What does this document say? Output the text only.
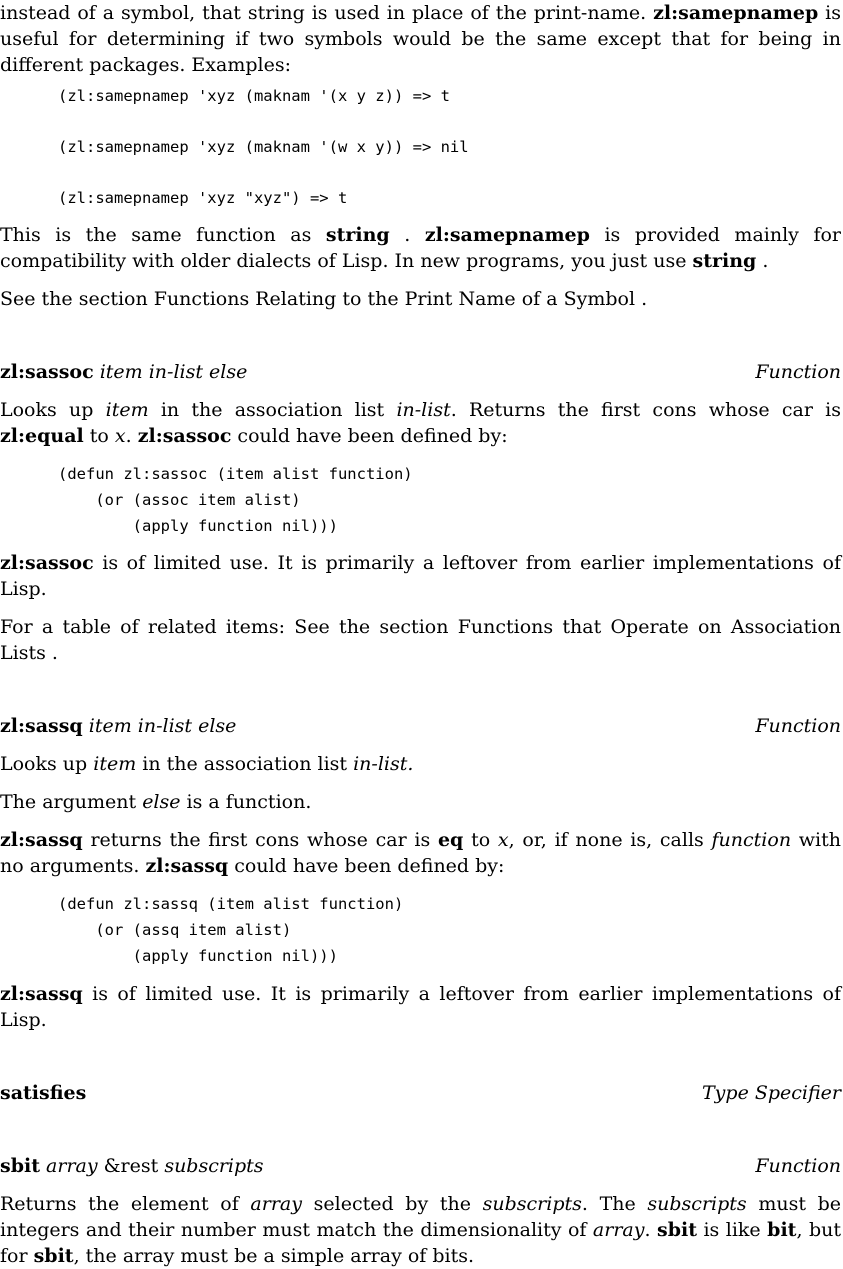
instead of a symbol, that string is used in place of the print-name. zl:samepnamep is useful for determining if two symbols would be the same except that for being in different packages. Examples:

(zl:samepnamep 'xyz (maknam '(x y z)) => t
(zl:samepnamep 'xyz (maknam '(w x y)) => nil
(zl:samepnamep 'xyz "xyz") => t

This is the same function as string . zl:samepnamep is provided mainly for compatibility with older dialects of Lisp. In new programs, you just use string .

See the section Functions Relating to the Print Name of a Symbol .

zl:sassoc item in-list else	Function

Looks up item in the association list in-list. Returns the first cons whose car is zl:equal to x. zl:sassoc could have been defined by:

(defun zl:sassoc (item alist function)
(or (assoc item alist)
(apply function nil)))

zl:sassoc is of limited use. It is primarily a leftover from earlier implementations of Lisp.

For a table of related items: See the section Functions that Operate on Association Lists .

zl:sassq item in-list else	Function

Looks up item in the association list in-list.

The argument else is a function.

zl:sassq returns the first cons whose car is eq to x, or, if none is, calls function with no arguments. zl:sassq could have been defined by:

(defun zl:sassq (item alist function)
(or (assq item alist)
(apply function nil)))

zl:sassq is of limited use. It is primarily a leftover from earlier implementations of Lisp.

satisfies	Type Specifier
sbit array &rest subscripts	Function

Returns the element of array selected by the subscripts. The subscripts must be integers and their number must match the dimensionality of array. sbit is like bit, but for sbit, the array must be a simple array of bits.
